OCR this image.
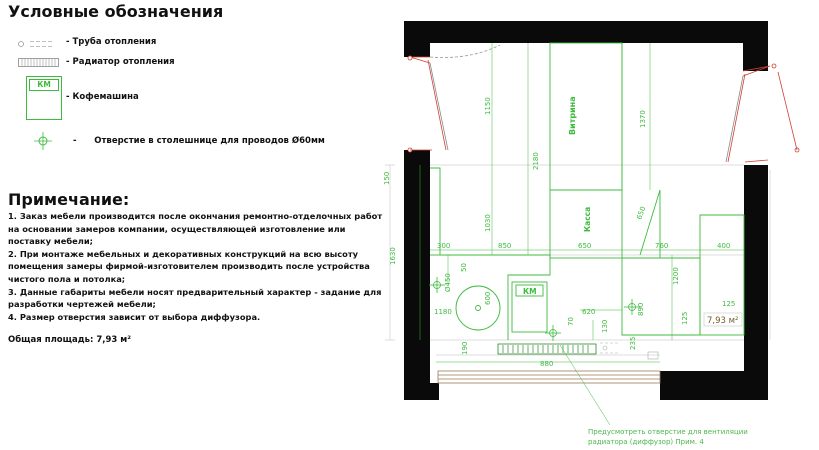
Условные обозначения
- Труба отопления
- Радиатор отопления
КМ
- Кофемашина
-      Отверстие в столешнице для проводов Ø60мм
Примечание:
1. Заказ мебели производится после окончания ремонтно-отделочных работ на основании замеров компании, осуществляющей изготовление или поставку мебели;
2. При монтаже мебельных и декоративных конструкций на всю высоту помещения замеры фирмой-изготовителем производить после устройства чистого пола и потолка;
3. Данные габариты мебели носят предварительный характер - задание для разработки чертежей мебели;
4. Размер отверстия зависит от выбора диффузора.
Общая площадь: 7,93 м²
Витрина
Касса
КМ
1150
2180
1370
150
1630
1030
650
300	850	650	760	400
50	1200
Ø450
600
890	125
125
1180	620
70	130
190	235
880
7,93 м²
Предусмотреть отверстие для вентиляции
радиатора (диффузор) Прим. 4
